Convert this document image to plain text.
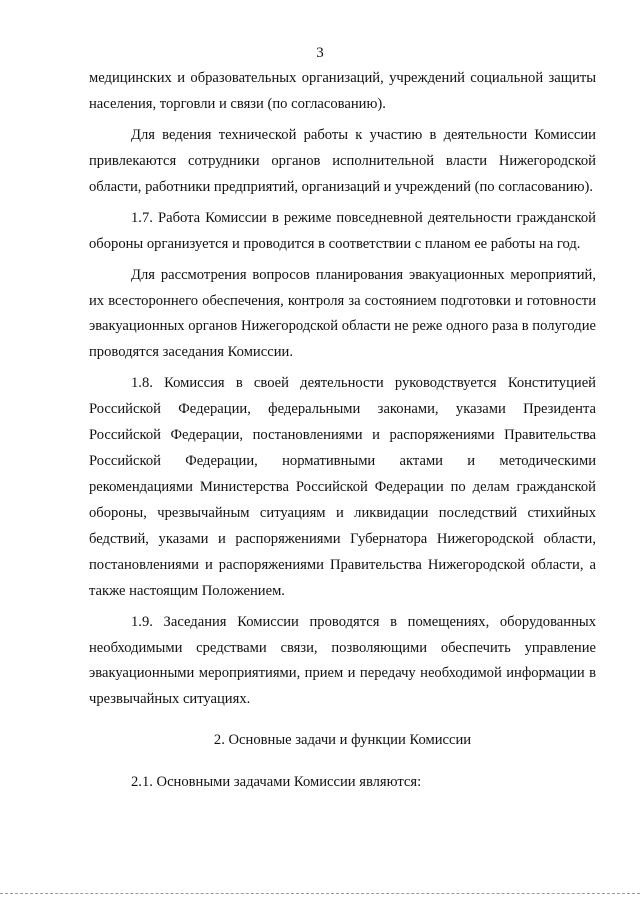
3

медицинских и образовательных организаций, учреждений социальной защиты населения, торговли и связи (по согласованию).

Для ведения технической работы к участию в деятельности Комиссии привлекаются сотрудники органов исполнительной власти Нижегородской области, работники предприятий, организаций и учреждений (по согласованию).

1.7. Работа Комиссии в режиме повседневной деятельности гражданской обороны организуется и проводится в соответствии с планом ее работы на год.

Для рассмотрения вопросов планирования эвакуационных мероприятий, их всестороннего обеспечения, контроля за состоянием подготовки и готовности эвакуационных органов Нижегородской области не реже одного раза в полугодие проводятся заседания Комиссии.

1.8. Комиссия в своей деятельности руководствуется Конституцией Российской Федерации, федеральными законами, указами Президента Российской Федерации, постановлениями и распоряжениями Правительства Российской Федерации, нормативными актами и методическими рекомендациями Министерства Российской Федерации по делам гражданской обороны, чрезвычайным ситуациям и ликвидации последствий стихийных бедствий, указами и распоряжениями Губернатора Нижегородской области, постановлениями и распоряжениями Правительства Нижегородской области, а также настоящим Положением.

1.9. Заседания Комиссии проводятся в помещениях, оборудованных необходимыми средствами связи, позволяющими обеспечить управление эвакуационными мероприятиями, прием и передачу необходимой информации в чрезвычайных ситуациях.

2. Основные задачи и функции Комиссии

2.1. Основными задачами Комиссии являются:
